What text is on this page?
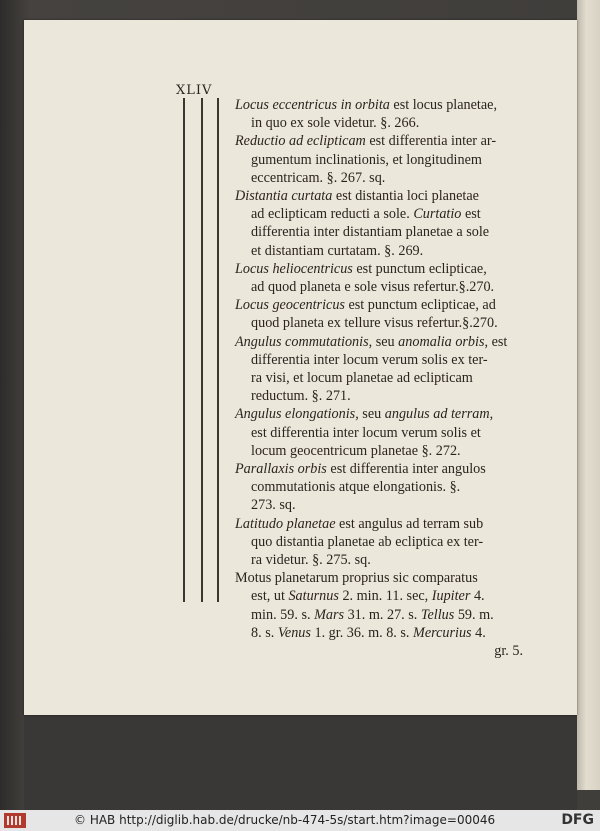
XLIV
Locus eccentricus in orbita est locus planetae,
in quo ex sole videtur. §. 266.
Reductio ad eclipticam est differentia inter ar-
gumentum inclinationis, et longitudinem
eccentricam. §. 267. sq.
Distantia curtata est distantia loci planetae
ad eclipticam reducti a sole. Curtatio est
differentia inter distantiam planetae a sole
et distantiam curtatam. §. 269.
Locus heliocentricus est punctum eclipticae,
ad quod planeta e sole visus refertur.§.270.
Locus geocentricus est punctum eclipticae, ad
quod planeta ex tellure visus refertur.§.270.
Angulus commutationis, seu anomalia orbis, est
differentia inter locum verum solis ex ter-
ra visi, et locum planetae ad eclipticam
reductum. §. 271.
Angulus elongationis, seu angulus ad terram,
est differentia inter locum verum solis et
locum geocentricum planetae §. 272.
Parallaxis orbis est differentia inter angulos
commutationis atque elongationis. §.
273. sq.
Latitudo planetae est angulus ad terram sub
quo distantia planetae ab ecliptica ex ter-
ra videtur. §. 275. sq.
Motus planetarum proprius sic comparatus
est, ut Saturnus 2. min. 11. sec, Iupiter 4.
min. 59. s. Mars 31. m. 27. s. Tellus 59. m.
8. s. Venus 1. gr. 36. m. 8. s. Mercurius 4.
gr. 5.
© HAB http://diglib.hab.de/drucke/nb-474-5s/start.htm?image=00046	DFG
